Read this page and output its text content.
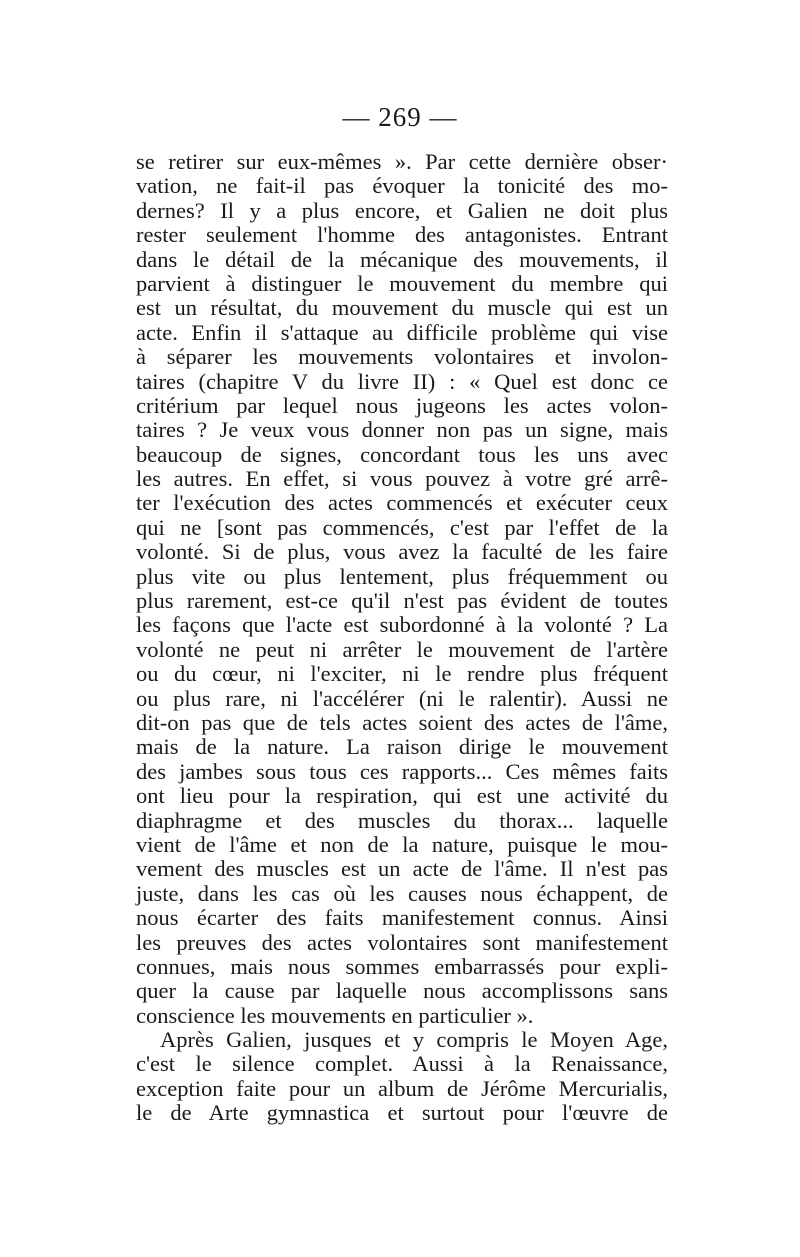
— 269 —
se retirer sur eux-mêmes ». Par cette dernière obser·
vation, ne fait-il pas évoquer la tonicité des mo-
dernes? Il y a plus encore, et Galien ne doit plus
rester seulement l'homme des antagonistes. Entrant
dans le détail de la mécanique des mouvements, il
parvient à distinguer le mouvement du membre qui
est un résultat, du mouvement du muscle qui est un
acte. Enfin il s'attaque au difficile problème qui vise
à séparer les mouvements volontaires et involon-
taires (chapitre V du livre II) : « Quel est donc ce
critérium par lequel nous jugeons les actes volon-
taires ? Je veux vous donner non pas un signe, mais
beaucoup de signes, concordant tous les uns avec
les autres. En effet, si vous pouvez à votre gré arrê-
ter l'exécution des actes commencés et exécuter ceux
qui ne [sont pas commencés, c'est par l'effet de la
volonté. Si de plus, vous avez la faculté de les faire
plus vite ou plus lentement, plus fréquemment ou
plus rarement, est-ce qu'il n'est pas évident de toutes
les façons que l'acte est subordonné à la volonté ? La
volonté ne peut ni arrêter le mouvement de l'artère
ou du cœur, ni l'exciter, ni le rendre plus fréquent
ou plus rare, ni l'accélérer (ni le ralentir). Aussi ne
dit-on pas que de tels actes soient des actes de l'âme,
mais de la nature. La raison dirige le mouvement
des jambes sous tous ces rapports... Ces mêmes faits
ont lieu pour la respiration, qui est une activité du
diaphragme et des muscles du thorax... laquelle
vient de l'âme et non de la nature, puisque le mou-
vement des muscles est un acte de l'âme. Il n'est pas
juste, dans les cas où les causes nous échappent, de
nous écarter des faits manifestement connus. Ainsi
les preuves des actes volontaires sont manifestement
connues, mais nous sommes embarrassés pour expli-
quer la cause par laquelle nous accomplissons sans
conscience les mouvements en particulier ».
Après Galien, jusques et y compris le Moyen Age,
c'est le silence complet. Aussi à la Renaissance,
exception faite pour un album de Jérôme Mercurialis,
le de Arte gymnastica et surtout pour l'œuvre de
